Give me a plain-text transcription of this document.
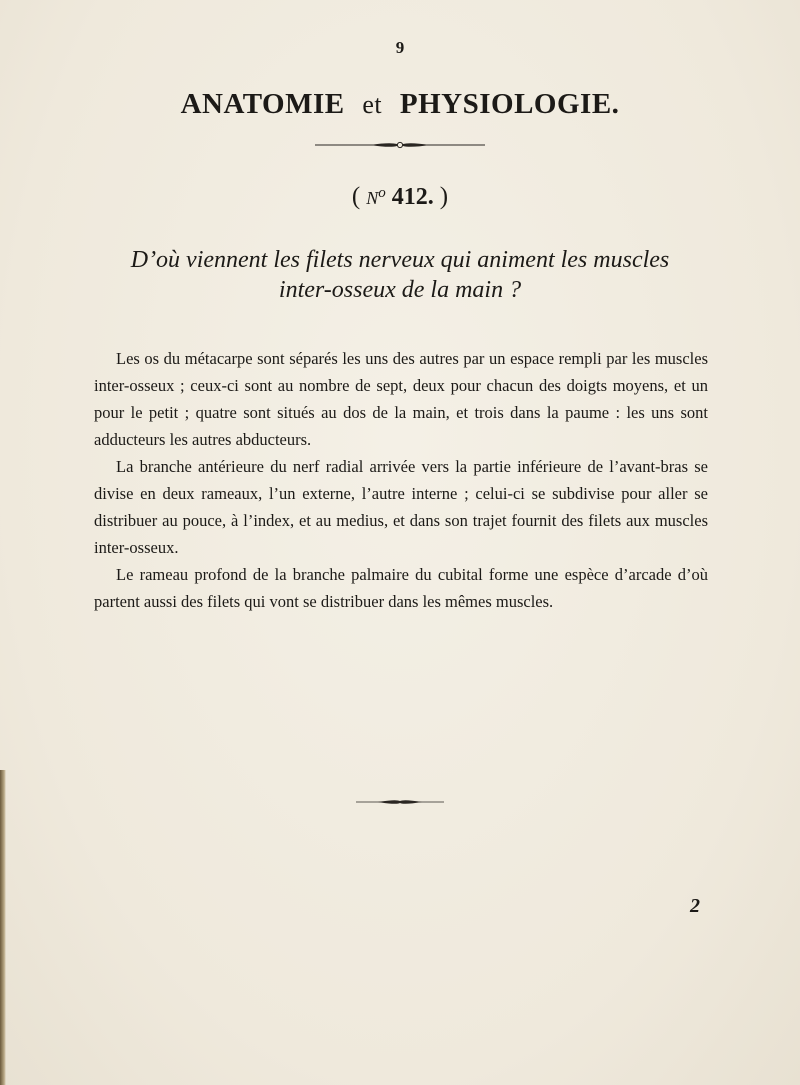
9
ANATOMIE et PHYSIOLOGIE.
( $N^o$ 412. )
D’où viennent les filets nerveux qui animent les muscles
inter-osseux de la main ?

Les os du métacarpe sont séparés les uns des autres par un espace rempli par les muscles inter-osseux ; ceux-ci sont au nombre de sept, deux pour chacun des doigts moyens, et un pour le petit ; quatre sont situés au dos de la main, et trois dans la paume : les uns sont adducteurs les autres abducteurs.

La branche antérieure du nerf radial arrivée vers la partie inférieure de l’avant-bras se divise en deux rameaux, l’un externe, l’autre interne ; celui-ci se subdivise pour aller se distribuer au pouce, à l’index, et au medius, et dans son trajet fournit des filets aux muscles inter-osseux.

Le rameau profond de la branche palmaire du cubital forme une espèce d’arcade d’où partent aussi des filets qui vont se distribuer dans les mêmes muscles.

2
